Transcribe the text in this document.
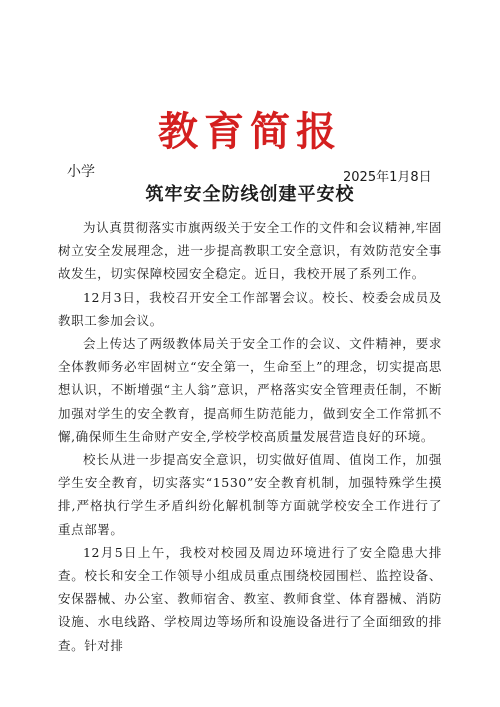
教育简报
小学	2025年1月8日
筑牢安全防线创建平安校

为认真贯彻落实市旗两级关于安全工作的文件和会议精神,牢固树立安全发展理念，进一步提高教职工安全意识，有效防范安全事故发生，切实保障校园安全稳定。近日，我校开展了系列工作。

12月3日，我校召开安全工作部署会议。校长、校委会成员及教职工参加会议。

会上传达了两级教体局关于安全工作的会议、文件精神，要求全体教师务必牢固树立“安全第一，生命至上”的理念，切实提高思想认识，不断增强“主人翁”意识，严格落实安全管理责任制，不断加强对学生的安全教育，提高师生防范能力，做到安全工作常抓不懈,确保师生生命财产安全,学校学校高质量发展营造良好的环境。

校长从进一步提高安全意识，切实做好值周、值岗工作，加强学生安全教育，切实落实“1530”安全教育机制，加强特殊学生摸排,严格执行学生矛盾纠纷化解机制等方面就学校安全工作进行了重点部署。

12月5日上午，我校对校园及周边环境进行了安全隐患大排查。校长和安全工作领导小组成员重点围绕校园围栏、监控设备、安保器械、办公室、教师宿舍、教室、教师食堂、体育器械、消防设施、水电线路、学校周边等场所和设施设备进行了全面细致的排查。针对排
